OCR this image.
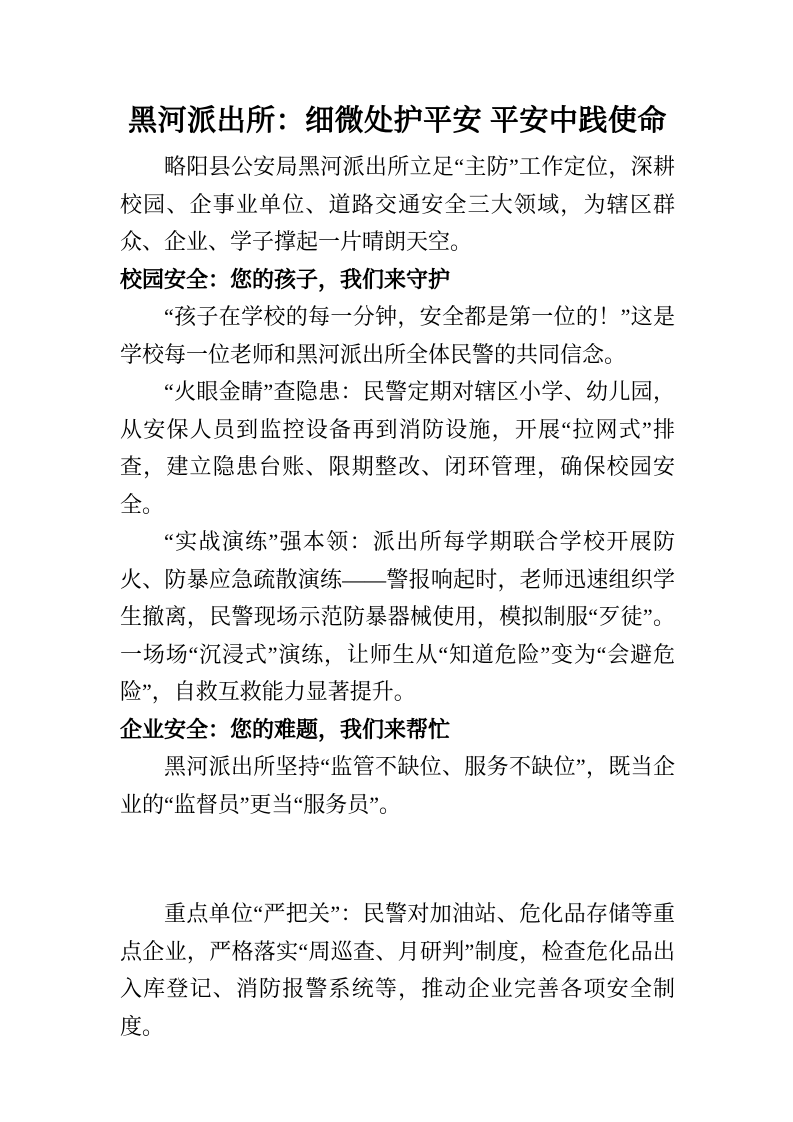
黑河派出所：细微处护平安 平安中践使命

略阳县公安局黑河派出所立足“主防”工作定位，深耕校园、企事业单位、道路交通安全三大领域，为辖区群众、企业、学子撑起一片晴朗天空。

校园安全：您的孩子，我们来守护

“孩子在学校的每一分钟，安全都是第一位的！”这是学校每一位老师和黑河派出所全体民警的共同信念。

“火眼金睛”查隐患：民警定期对辖区小学、幼儿园，从安保人员到监控设备再到消防设施，开展“拉网式”排查，建立隐患台账、限期整改、闭环管理，确保校园安全。

“实战演练”强本领：派出所每学期联合学校开展防火、防暴应急疏散演练——警报响起时，老师迅速组织学生撤离，民警现场示范防暴器械使用，模拟制服“歹徒”。一场场“沉浸式”演练，让师生从“知道危险”变为“会避危险”，自救互救能力显著提升。

企业安全：您的难题，我们来帮忙

黑河派出所坚持“监管不缺位、服务不缺位”，既当企业的“监督员”更当“服务员”。

重点单位“严把关”：民警对加油站、危化品存储等重点企业，严格落实“周巡查、月研判”制度，检查危化品出入库登记、消防报警系统等，推动企业完善各项安全制度。
